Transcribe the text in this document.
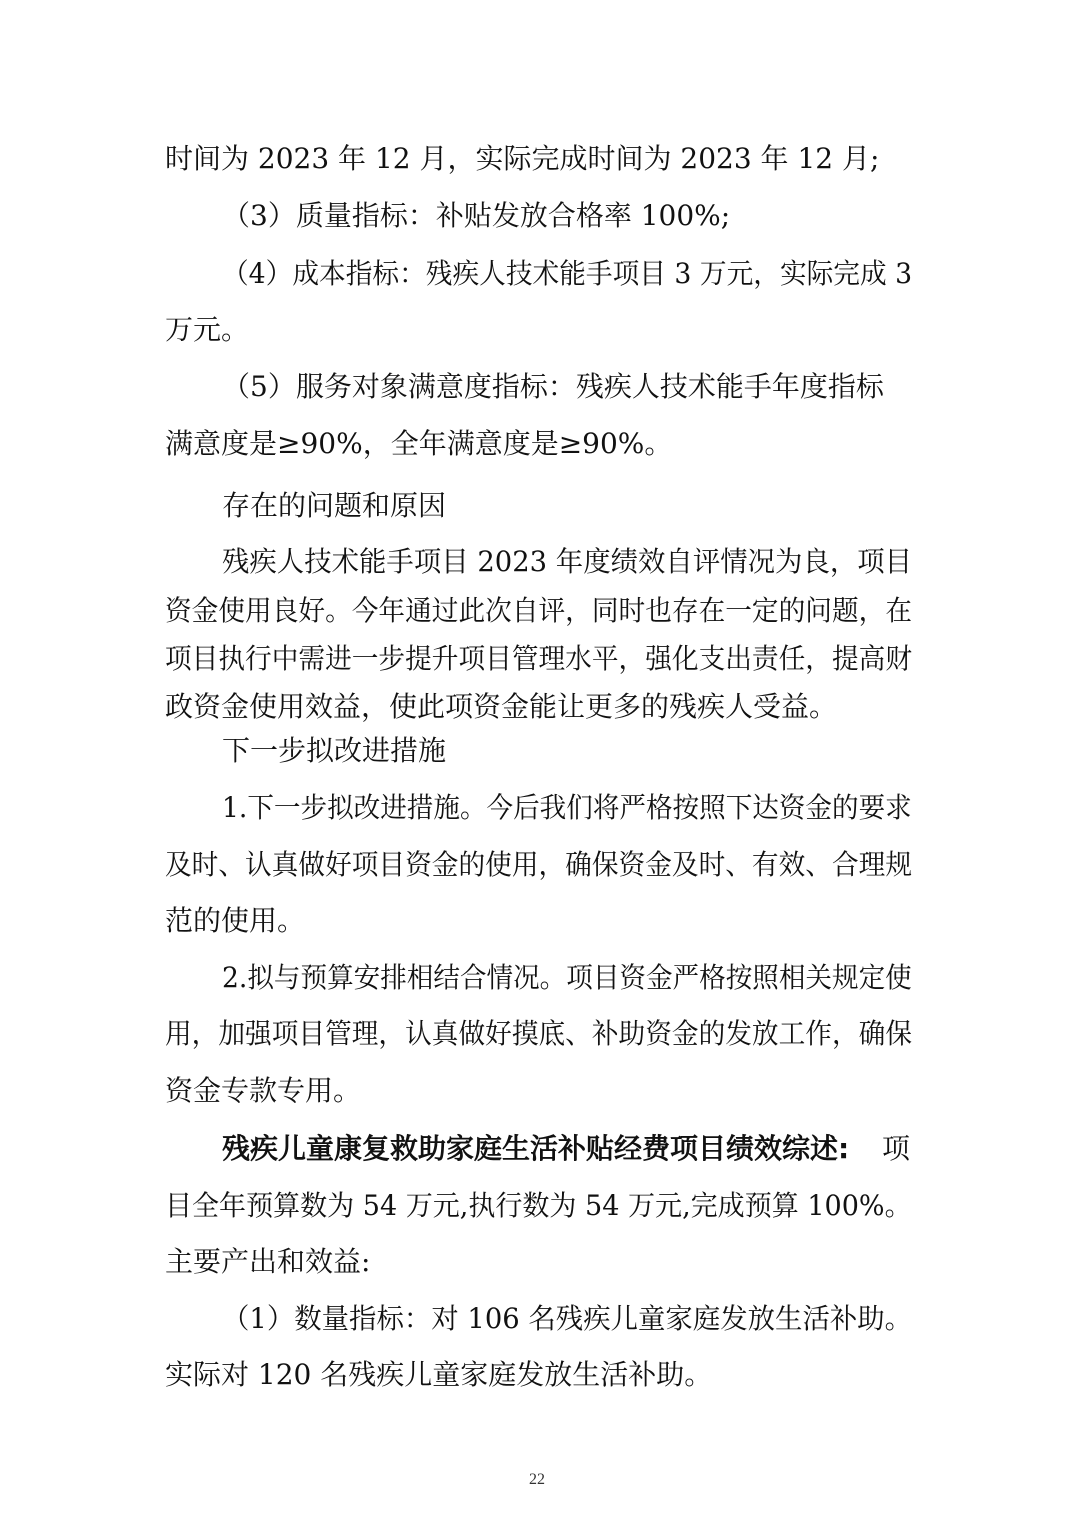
时间为 2023 年 12 月，实际完成时间为 2023 年 12 月;
（3）质量指标：补贴发放合格率 100%;
（4）成本指标：残疾人技术能手项目 3 万元，实际完成 3
万元。
（5）服务对象满意度指标：残疾人技术能手年度指标
满意度是≥90%，全年满意度是≥90%。
存在的问题和原因
残疾人技术能手项目 2023 年度绩效自评情况为良，项目
资金使用良好。今年通过此次自评，同时也存在一定的问题，在
项目执行中需进一步提升项目管理水平，强化支出责任，提高财
政资金使用效益，使此项资金能让更多的残疾人受益。
下一步拟改进措施
1.下一步拟改进措施。今后我们将严格按照下达资金的要求
及时、认真做好项目资金的使用，确保资金及时、有效、合理规
范的使用。
2.拟与预算安排相结合情况。项目资金严格按照相关规定使
用，加强项目管理，认真做好摸底、补助资金的发放工作，确保
资金专款专用。
残疾儿童康复救助家庭生活补贴经费项目绩效综述: 项
目全年预算数为 54 万元,执行数为 54 万元,完成预算 100%。
主要产出和效益:
（1）数量指标：对 106 名残疾儿童家庭发放生活补助。
实际对 120 名残疾儿童家庭发放生活补助。
22
